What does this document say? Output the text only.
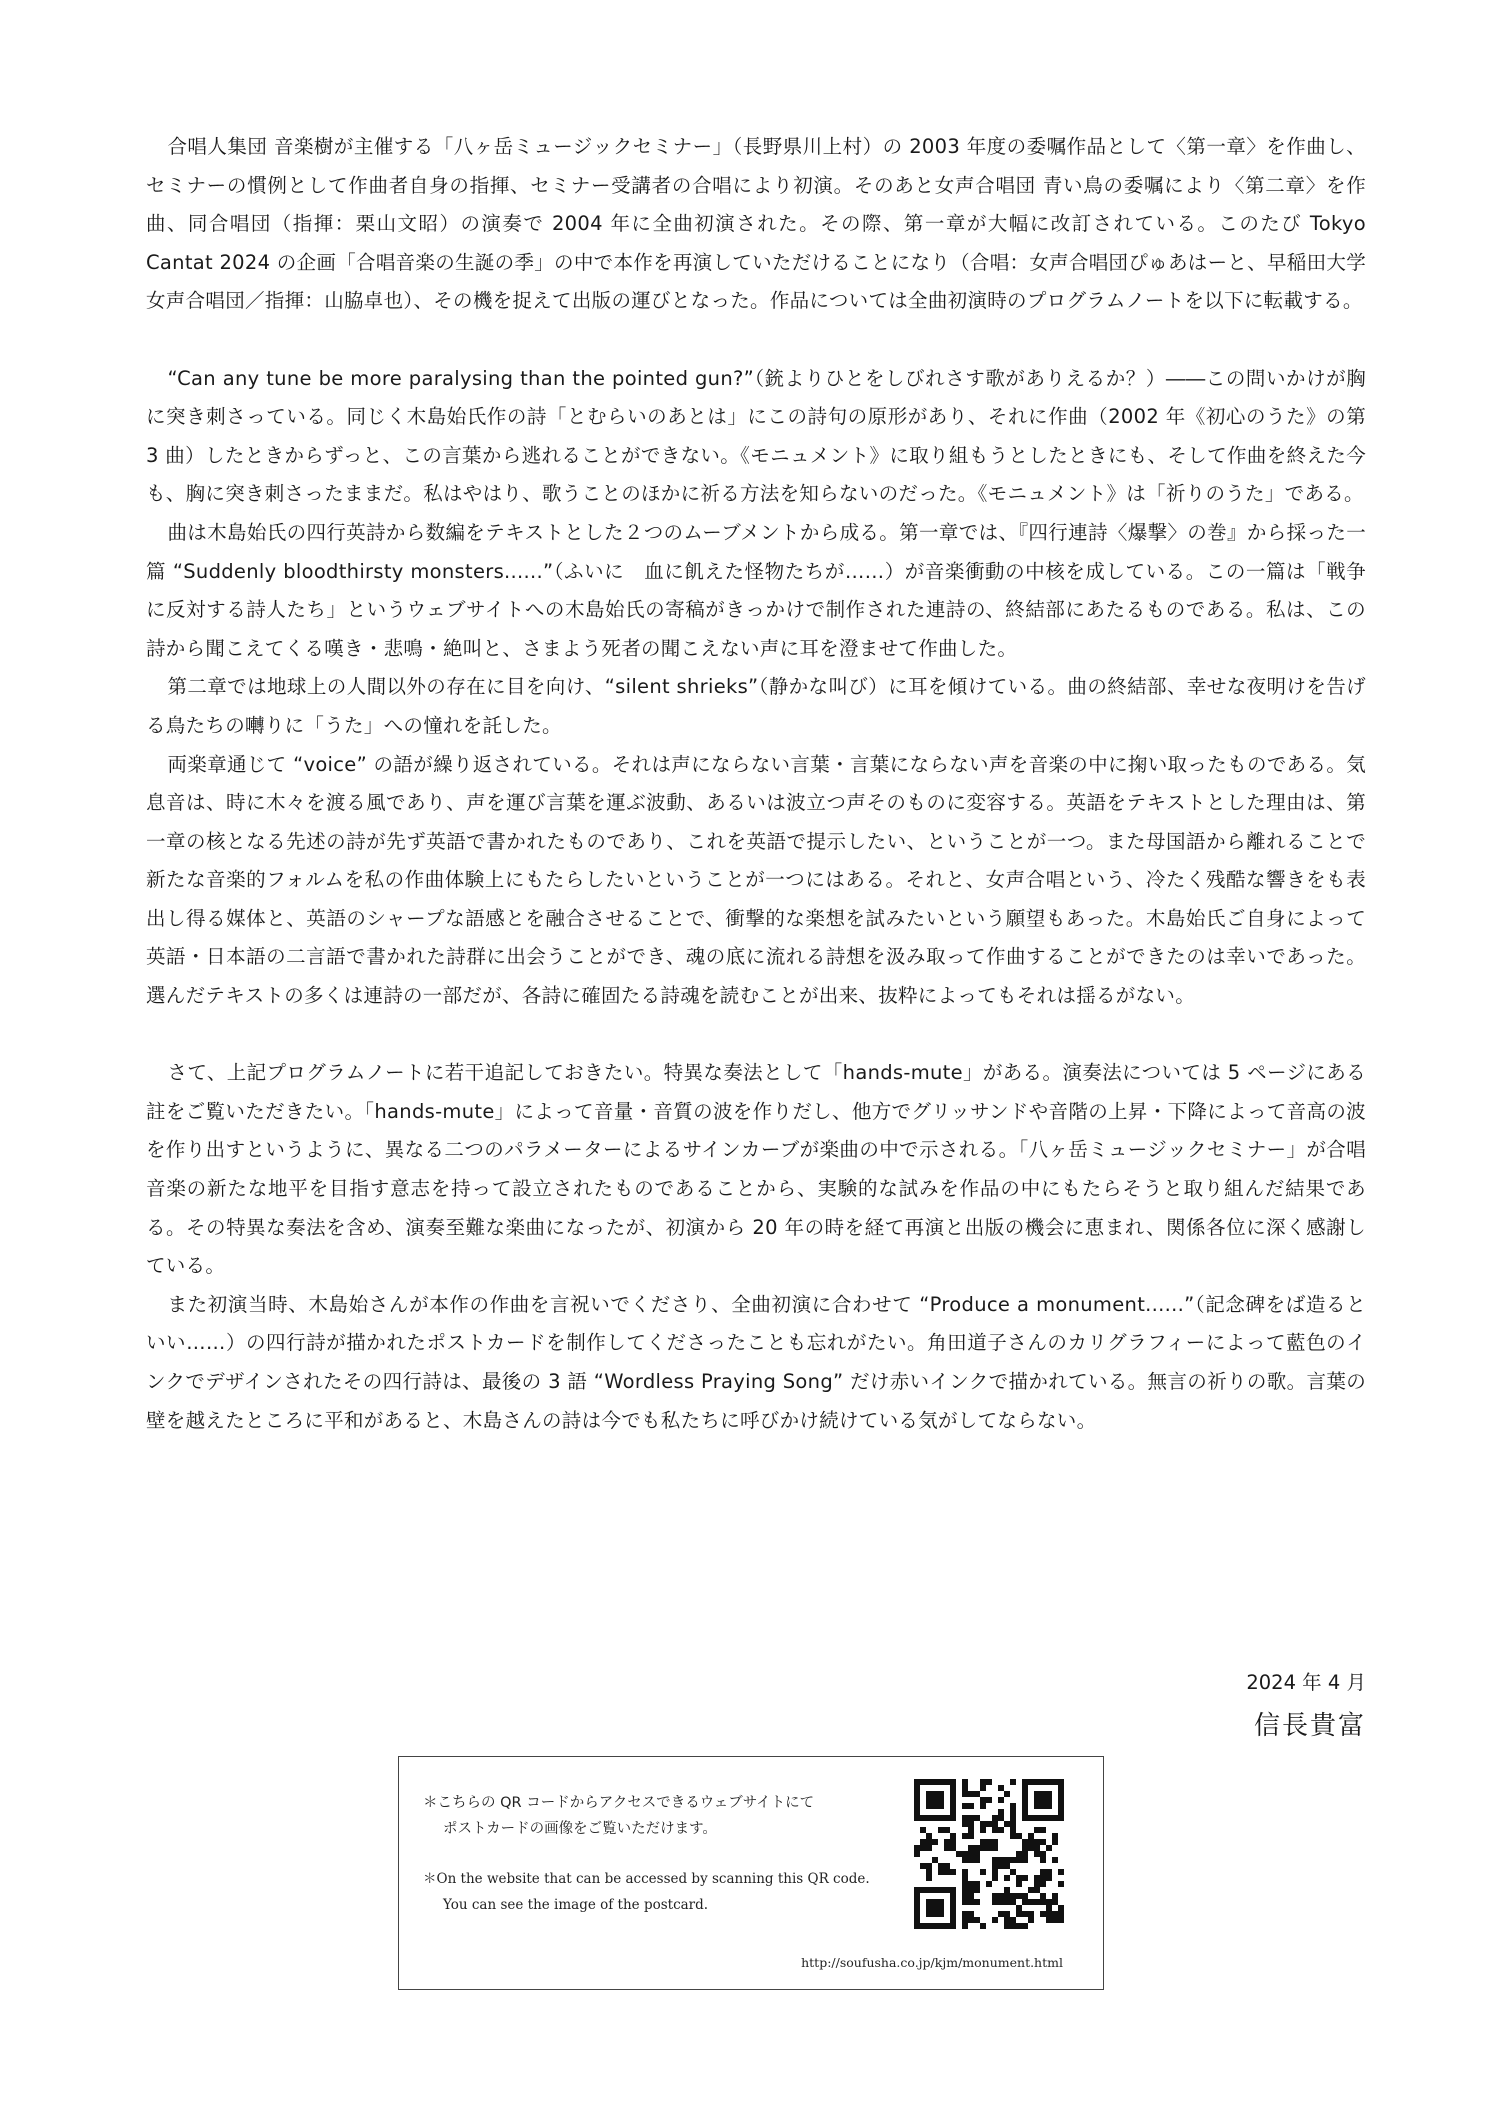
合唱人集団 音楽樹が主催する「八ヶ岳ミュージックセミナー」（長野県川上村）の 2003 年度の委嘱作品として〈第一章〉を作曲し、セミナーの慣例として作曲者自身の指揮、セミナー受講者の合唱により初演。そのあと女声合唱団 青い鳥の委嘱により〈第二章〉を作曲、同合唱団（指揮：栗山文昭）の演奏で 2004 年に全曲初演された。その際、第一章が大幅に改訂されている。このたび Tokyo Cantat 2024 の企画「合唱音楽の生誕の季」の中で本作を再演していただけることになり（合唱：女声合唱団ぴゅあはーと、早稲田大学女声合唱団／指揮：山脇卓也）、その機を捉えて出版の運びとなった。作品については全曲初演時のプログラムノートを以下に転載する。

“Can any tune be more paralysing than the pointed gun?”（銃よりひとをしびれさす歌がありえるか？）――この問いかけが胸に突き刺さっている。同じく木島始氏作の詩「とむらいのあとは」にこの詩句の原形があり、それに作曲（2002 年《初心のうた》の第 3 曲）したときからずっと、この言葉から逃れることができない。《モニュメント》に取り組もうとしたときにも、そして作曲を終えた今も、胸に突き刺さったままだ。私はやはり、歌うことのほかに祈る方法を知らないのだった。《モニュメント》は「祈りのうた」である。

曲は木島始氏の四行英詩から数編をテキストとした２つのムーブメントから成る。第一章では、『四行連詩〈爆撃〉の巻』から採った一篇 “Suddenly bloodthirsty monsters......”（ふいに　血に飢えた怪物たちが……）が音楽衝動の中核を成している。この一篇は「戦争に反対する詩人たち」というウェブサイトへの木島始氏の寄稿がきっかけで制作された連詩の、終結部にあたるものである。私は、この詩から聞こえてくる嘆き・悲鳴・絶叫と、さまよう死者の聞こえない声に耳を澄ませて作曲した。

第二章では地球上の人間以外の存在に目を向け、“silent shrieks”（静かな叫び）に耳を傾けている。曲の終結部、幸せな夜明けを告げる鳥たちの囀りに「うた」への憧れを託した。

両楽章通じて “voice” の語が繰り返されている。それは声にならない言葉・言葉にならない声を音楽の中に掬い取ったものである。気息音は、時に木々を渡る風であり、声を運び言葉を運ぶ波動、あるいは波立つ声そのものに変容する。英語をテキストとした理由は、第一章の核となる先述の詩が先ず英語で書かれたものであり、これを英語で提示したい、ということが一つ。また母国語から離れることで新たな音楽的フォルムを私の作曲体験上にもたらしたいということが一つにはある。それと、女声合唱という、冷たく残酷な響きをも表出し得る媒体と、英語のシャープな語感とを融合させることで、衝撃的な楽想を試みたいという願望もあった。木島始氏ご自身によって英語・日本語の二言語で書かれた詩群に出会うことができ、魂の底に流れる詩想を汲み取って作曲することができたのは幸いであった。選んだテキストの多くは連詩の一部だが、各詩に確固たる詩魂を読むことが出来、抜粋によってもそれは揺るがない。

さて、上記プログラムノートに若干追記しておきたい。特異な奏法として「hands-mute」がある。演奏法については 5 ページにある註をご覧いただきたい。「hands-mute」によって音量・音質の波を作りだし、他方でグリッサンドや音階の上昇・下降によって音高の波を作り出すというように、異なる二つのパラメーターによるサインカーブが楽曲の中で示される。「八ヶ岳ミュージックセミナー」が合唱音楽の新たな地平を目指す意志を持って設立されたものであることから、実験的な試みを作品の中にもたらそうと取り組んだ結果である。その特異な奏法を含め、演奏至難な楽曲になったが、初演から 20 年の時を経て再演と出版の機会に恵まれ、関係各位に深く感謝している。

また初演当時、木島始さんが本作の作曲を言祝いでくださり、全曲初演に合わせて “Produce a monument......”（記念碑をば造るといい……）の四行詩が描かれたポストカードを制作してくださったことも忘れがたい。角田道子さんのカリグラフィーによって藍色のインクでデザインされたその四行詩は、最後の 3 語 “Wordless Praying Song” だけ赤いインクで描かれている。無言の祈りの歌。言葉の壁を越えたところに平和があると、木島さんの詩は今でも私たちに呼びかけ続けている気がしてならない。

2024 年 4 月
信長貴富
＊こちらの QR コードからアクセスできるウェブサイトにて
ポストカードの画像をご覧いただけます。
＊On the website that can be accessed by scanning this QR code.
You can see the image of the postcard.
http://soufusha.co.jp/kjm/monument.html
